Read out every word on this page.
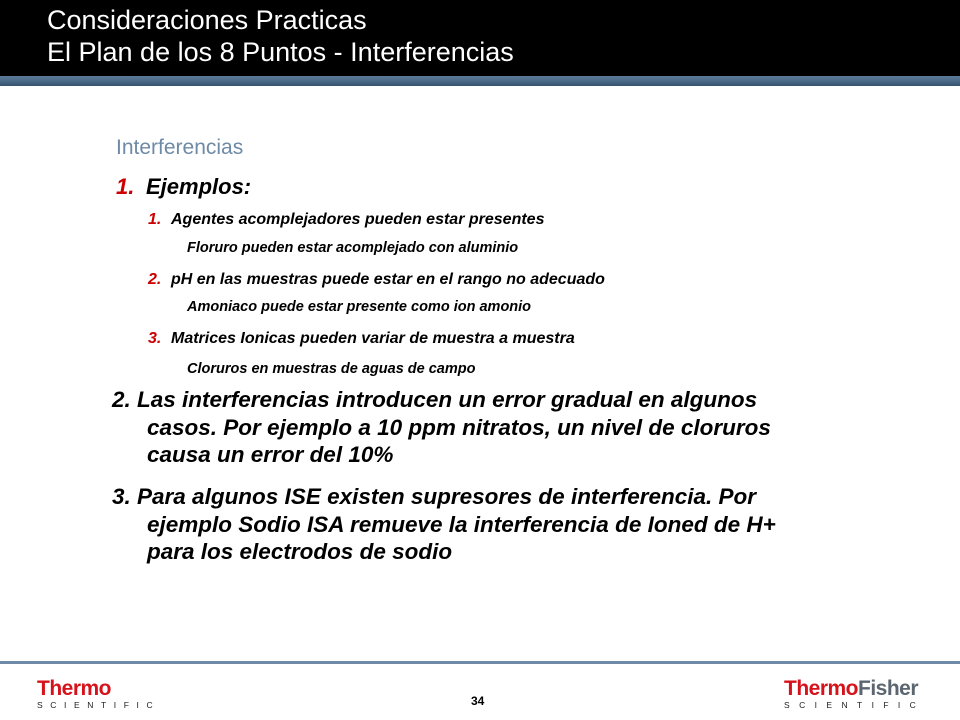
Consideraciones Practicas
El Plan de los 8 Puntos - Interferencias
Interferencias
1. Ejemplos:
1. Agentes acomplejadores pueden estar presentes
Floruro pueden estar acomplejado con aluminio
2. pH en las muestras puede estar en el rango no adecuado
Amoniaco puede estar presente como ion amonio
3. Matrices Ionicas pueden variar de muestra a muestra
Cloruros en muestras de aguas de campo
2. Las interferencias introducen un error gradual en algunos
casos. Por ejemplo a 10 ppm nitratos, un nivel de cloruros
causa un error del 10%
3. Para algunos ISE existen supresores de interferencia. Por
ejemplo Sodio ISA remueve la interferencia de Ioned de H+
para los electrodos de sodio
Thermo
SCIENTIFIC	34
ThermoFisher
SCIENTIFIC
